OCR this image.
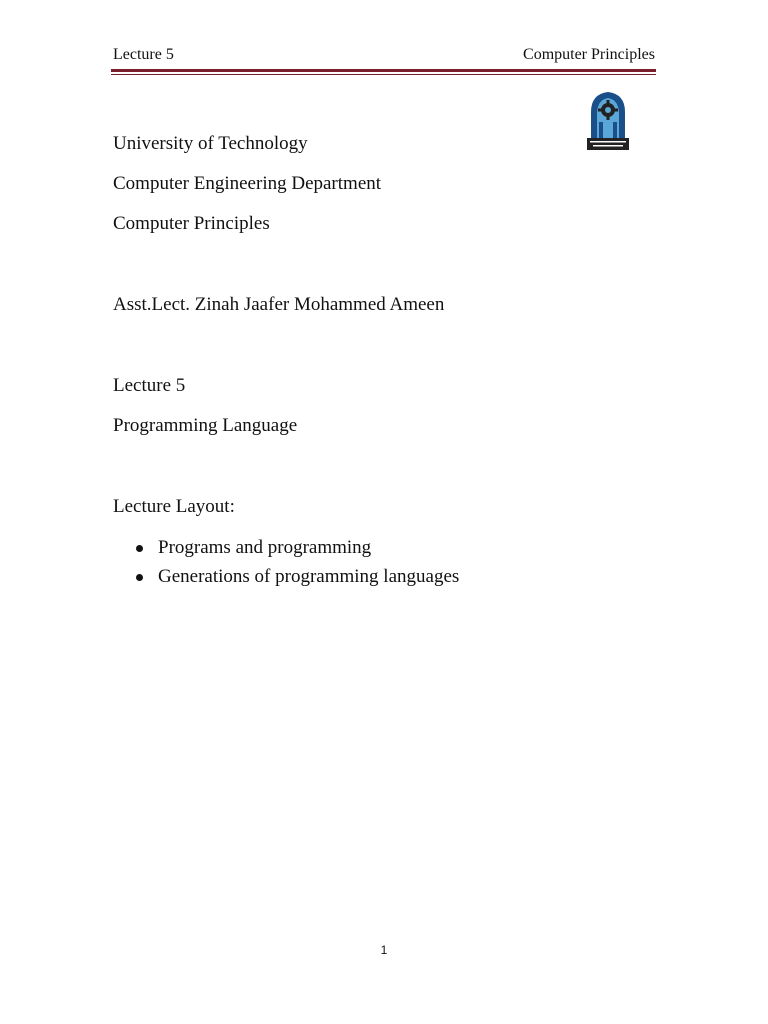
Lecture 5	Computer Principles
University of Technology
Computer Engineering Department
Computer Principles
Asst.Lect. Zinah Jaafer Mohammed Ameen
Lecture 5
Programming Language
Lecture Layout:
Programs and programming
Generations of programming languages
1
